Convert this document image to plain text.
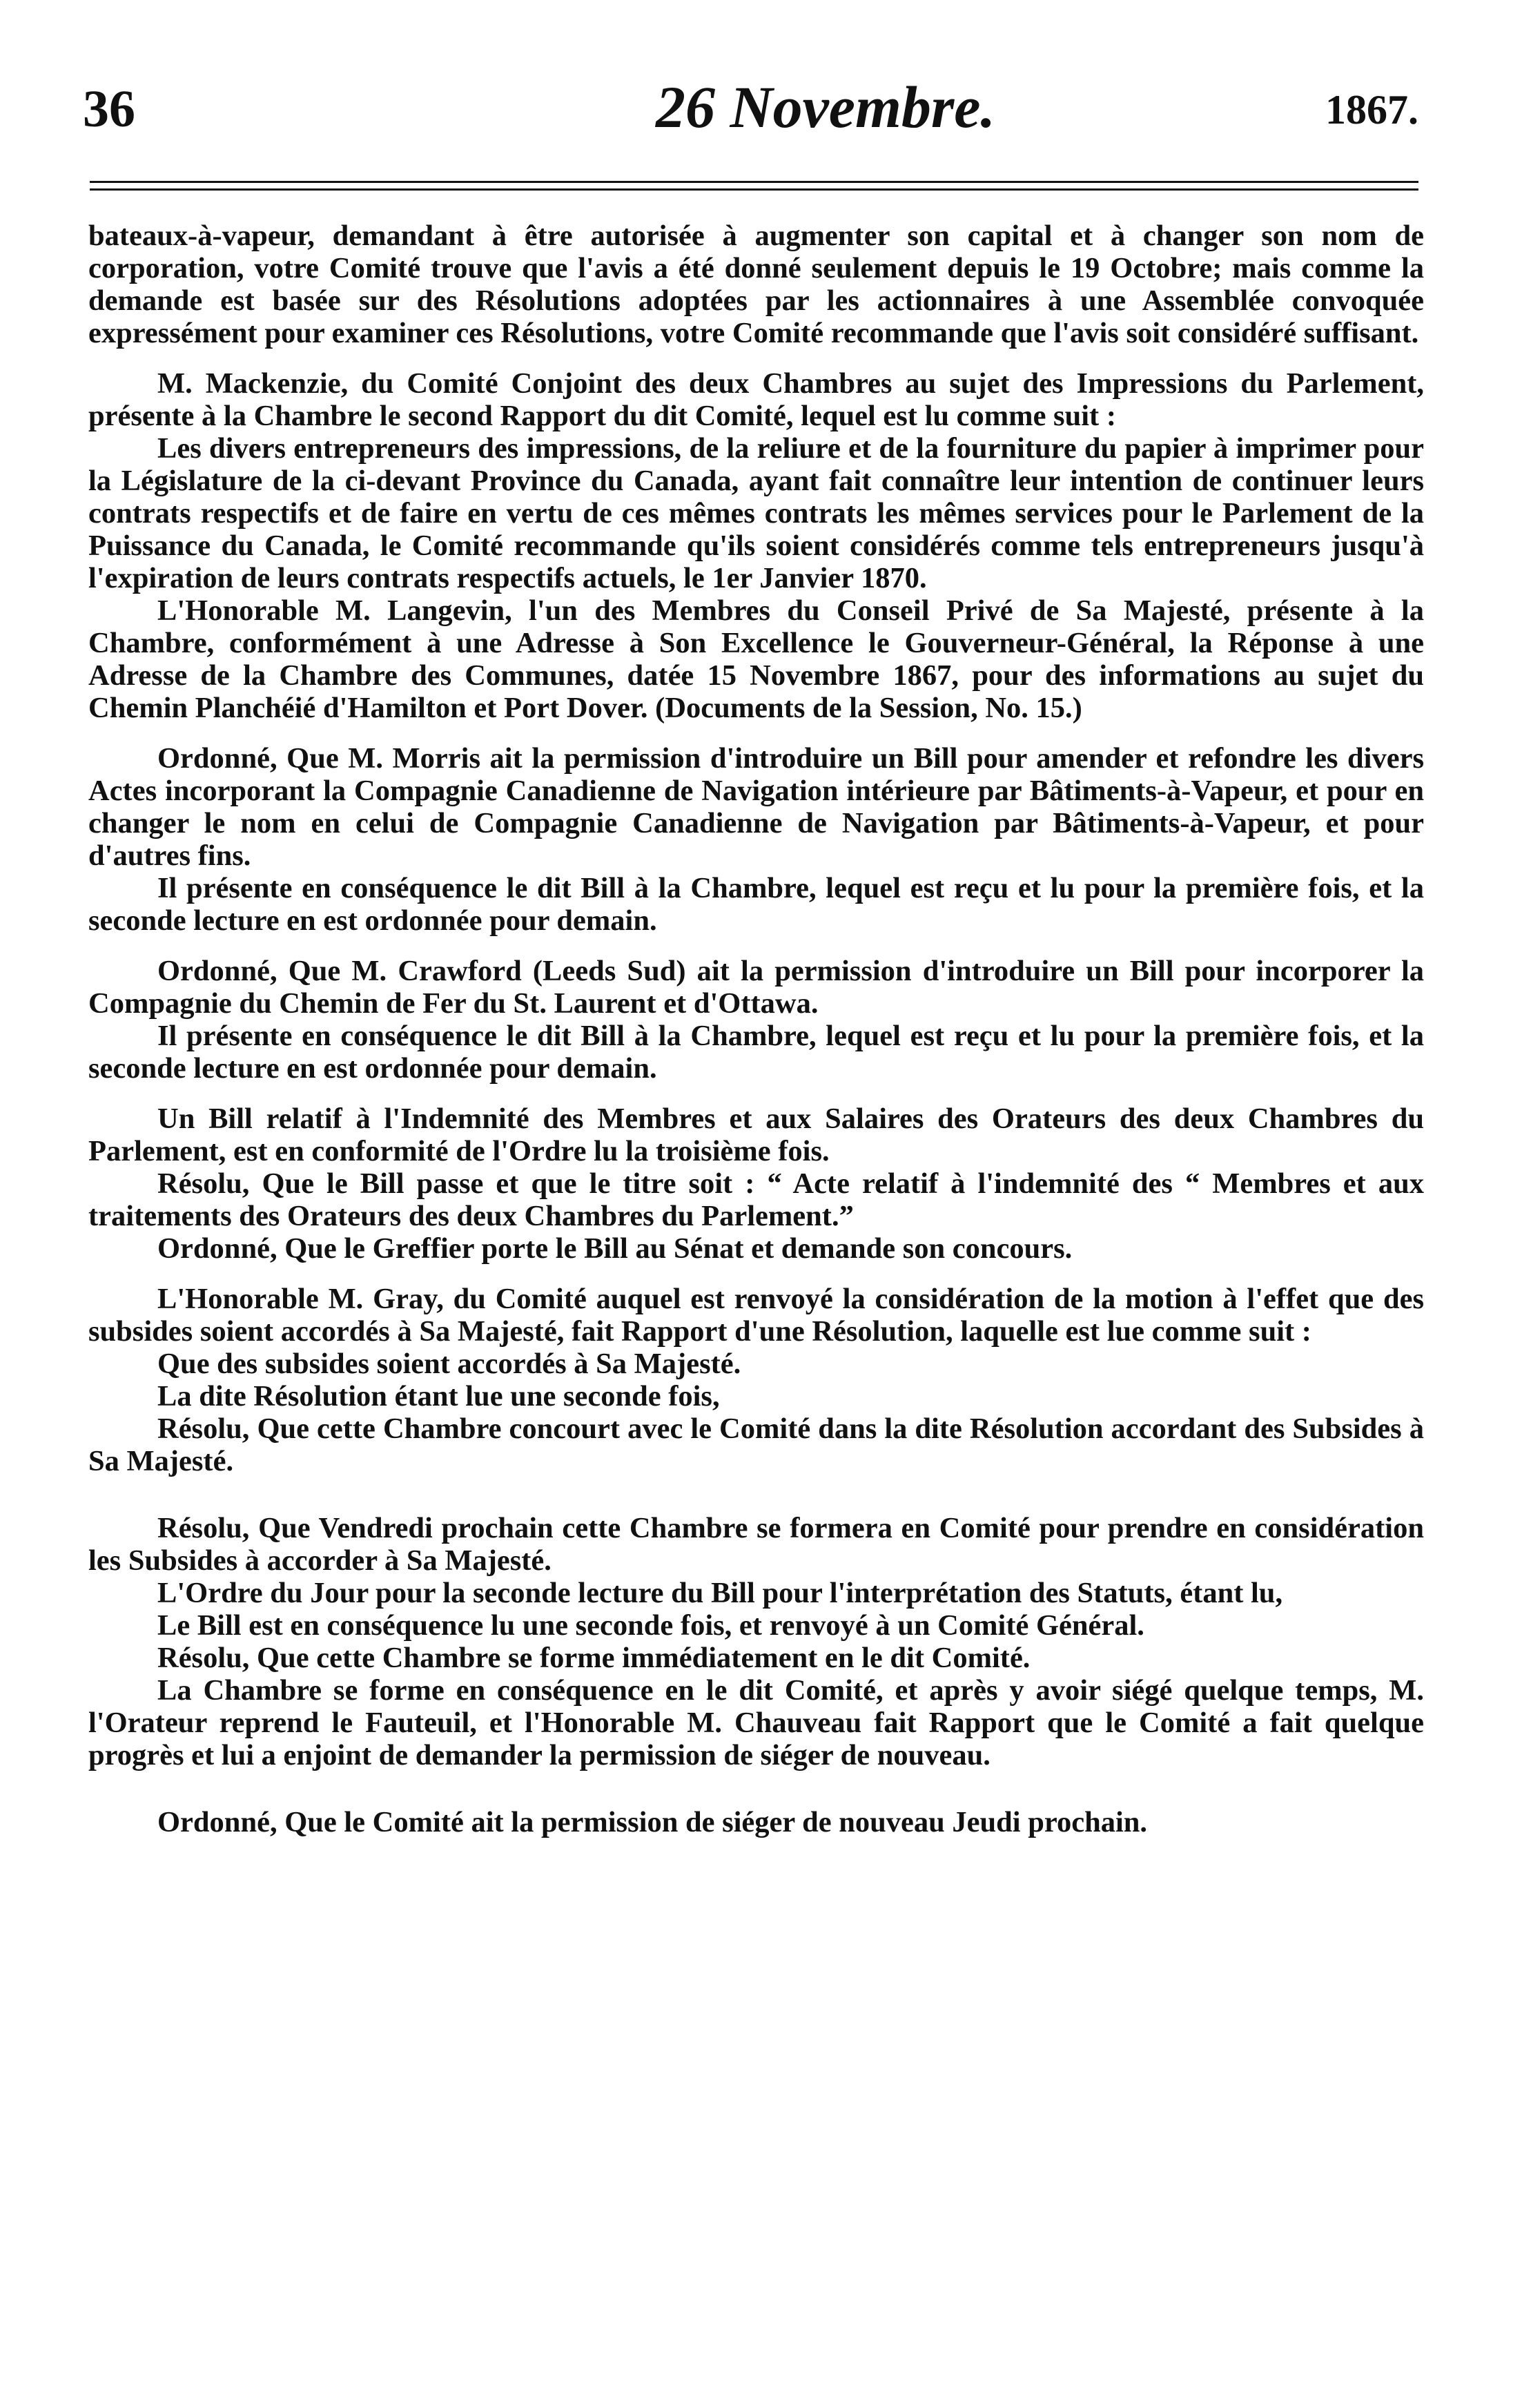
36	26 Novembre.	1867.

bateaux-à-vapeur, demandant à être autorisée à augmenter son capital et à changer son nom de corporation, votre Comité trouve que l'avis a été donné seulement depuis le 19 Octobre; mais comme la demande est basée sur des Résolutions adoptées par les actionnaires à une Assemblée convoquée expressément pour examiner ces Résolutions, votre Comité recommande que l'avis soit considéré suffisant.

M. Mackenzie, du Comité Conjoint des deux Chambres au sujet des Impressions du Parlement, présente à la Chambre le second Rapport du dit Comité, lequel est lu comme suit :

Les divers entrepreneurs des impressions, de la reliure et de la fourniture du papier à imprimer pour la Législature de la ci-devant Province du Canada, ayant fait connaître leur intention de continuer leurs contrats respectifs et de faire en vertu de ces mêmes contrats les mêmes services pour le Parlement de la Puissance du Canada, le Comité recommande qu'ils soient considérés comme tels entrepreneurs jusqu'à l'expiration de leurs contrats respectifs actuels, le 1er Janvier 1870.

L'Honorable M. Langevin, l'un des Membres du Conseil Privé de Sa Majesté, présente à la Chambre, conformément à une Adresse à Son Excellence le Gouverneur-Général, la Réponse à une Adresse de la Chambre des Communes, datée 15 Novembre 1867, pour des informations au sujet du Chemin Planchéié d'Hamilton et Port Dover. (Documents de la Session, No. 15.)

Ordonné, Que M. Morris ait la permission d'introduire un Bill pour amender et refondre les divers Actes incorporant la Compagnie Canadienne de Navigation intérieure par Bâtiments-à-Vapeur, et pour en changer le nom en celui de Compagnie Canadienne de Navigation par Bâtiments-à-Vapeur, et pour d'autres fins.

Il présente en conséquence le dit Bill à la Chambre, lequel est reçu et lu pour la première fois, et la seconde lecture en est ordonnée pour demain.

Ordonné, Que M. Crawford (Leeds Sud) ait la permission d'introduire un Bill pour incorporer la Compagnie du Chemin de Fer du St. Laurent et d'Ottawa.

Il présente en conséquence le dit Bill à la Chambre, lequel est reçu et lu pour la première fois, et la seconde lecture en est ordonnée pour demain.

Un Bill relatif à l'Indemnité des Membres et aux Salaires des Orateurs des deux Chambres du Parlement, est en conformité de l'Ordre lu la troisième fois.

Résolu, Que le Bill passe et que le titre soit : “ Acte relatif à l'indemnité des “ Membres et aux traitements des Orateurs des deux Chambres du Parlement.”

Ordonné, Que le Greffier porte le Bill au Sénat et demande son concours.

L'Honorable M. Gray, du Comité auquel est renvoyé la considération de la motion à l'effet que des subsides soient accordés à Sa Majesté, fait Rapport d'une Résolution, laquelle est lue comme suit :

Que des subsides soient accordés à Sa Majesté.

La dite Résolution étant lue une seconde fois,

Résolu, Que cette Chambre concourt avec le Comité dans la dite Résolution accordant des Subsides à Sa Majesté.

Résolu, Que Vendredi prochain cette Chambre se formera en Comité pour prendre en considération les Subsides à accorder à Sa Majesté.

L'Ordre du Jour pour la seconde lecture du Bill pour l'interprétation des Statuts, étant lu,

Le Bill est en conséquence lu une seconde fois, et renvoyé à un Comité Général.

Résolu, Que cette Chambre se forme immédiatement en le dit Comité.

La Chambre se forme en conséquence en le dit Comité, et après y avoir siégé quelque temps, M. l'Orateur reprend le Fauteuil, et l'Honorable M. Chauveau fait Rapport que le Comité a fait quelque progrès et lui a enjoint de demander la permission de siéger de nouveau.

Ordonné, Que le Comité ait la permission de siéger de nouveau Jeudi prochain.
